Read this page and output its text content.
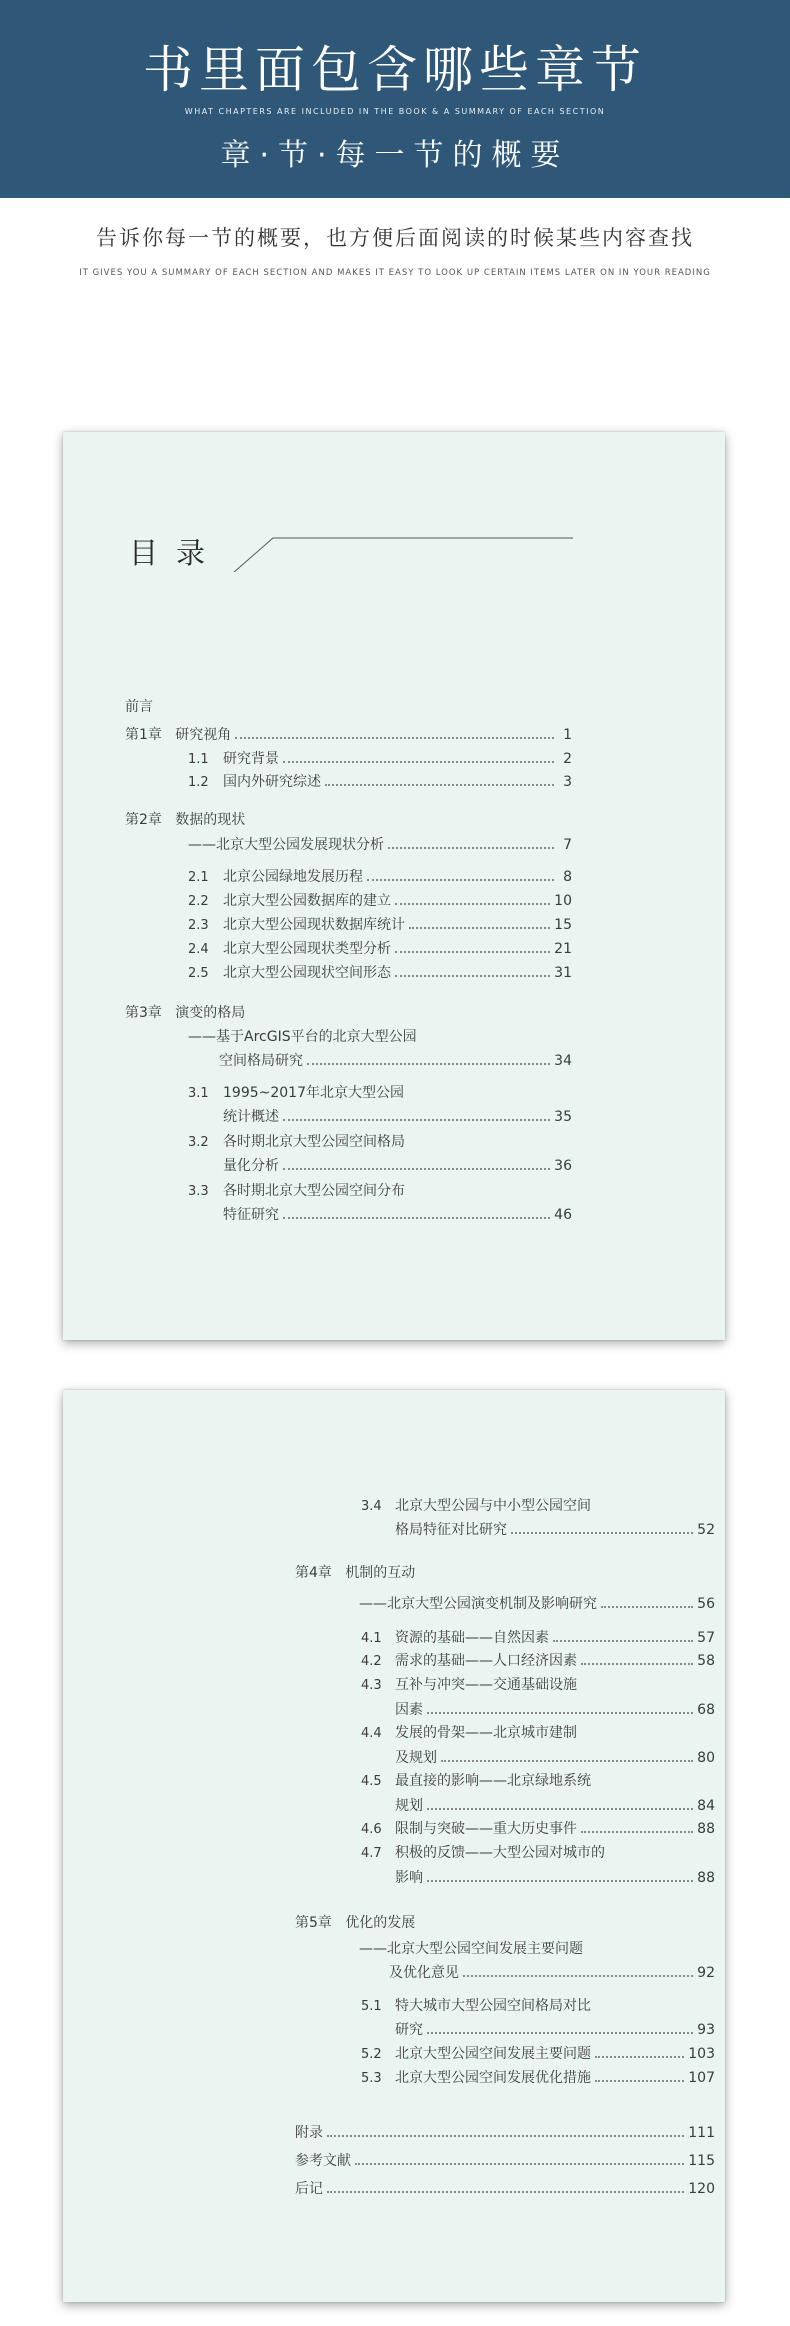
书里面包含哪些章节
WHAT CHAPTERS ARE INCLUDED IN THE BOOK & A SUMMARY OF EACH SECTION
章·节·每一节的概要
告诉你每一节的概要，也方便后面阅读的时候某些内容查找
IT GIVES YOU A SUMMARY OF EACH SECTION AND MAKES IT EASY TO LOOK UP CERTAIN ITEMS LATER ON IN YOUR READING
目录
前言
第1章 研究视角	1
1.1 研究背景	2
1.2 国内外研究综述	3
第2章 数据的现状
——北京大型公园发展现状分析	7
2.1 北京公园绿地发展历程	8
2.2 北京大型公园数据库的建立	10
2.3 北京大型公园现状数据库统计	15
2.4 北京大型公园现状类型分析	21
2.5 北京大型公园现状空间形态	31
第3章 演变的格局
——基于ArcGIS平台的北京大型公园
空间格局研究	34
3.1 1995~2017年北京大型公园
统计概述	35
3.2 各时期北京大型公园空间格局
量化分析	36
3.3 各时期北京大型公园空间分布
特征研究	46
3.4 北京大型公园与中小型公园空间
格局特征对比研究	52
第4章 机制的互动
——北京大型公园演变机制及影响研究	56
4.1 资源的基础——自然因素	57
4.2 需求的基础——人口经济因素	58
4.3 互补与冲突——交通基础设施
因素	68
4.4 发展的骨架——北京城市建制
及规划	80
4.5 最直接的影响——北京绿地系统
规划	84
4.6 限制与突破——重大历史事件	88
4.7 积极的反馈——大型公园对城市的
影响	88
第5章 优化的发展
——北京大型公园空间发展主要问题
及优化意见	92
5.1 特大城市大型公园空间格局对比
研究	93
5.2 北京大型公园空间发展主要问题	103
5.3 北京大型公园空间发展优化措施	107
附录	111
参考文献	115
后记	120
